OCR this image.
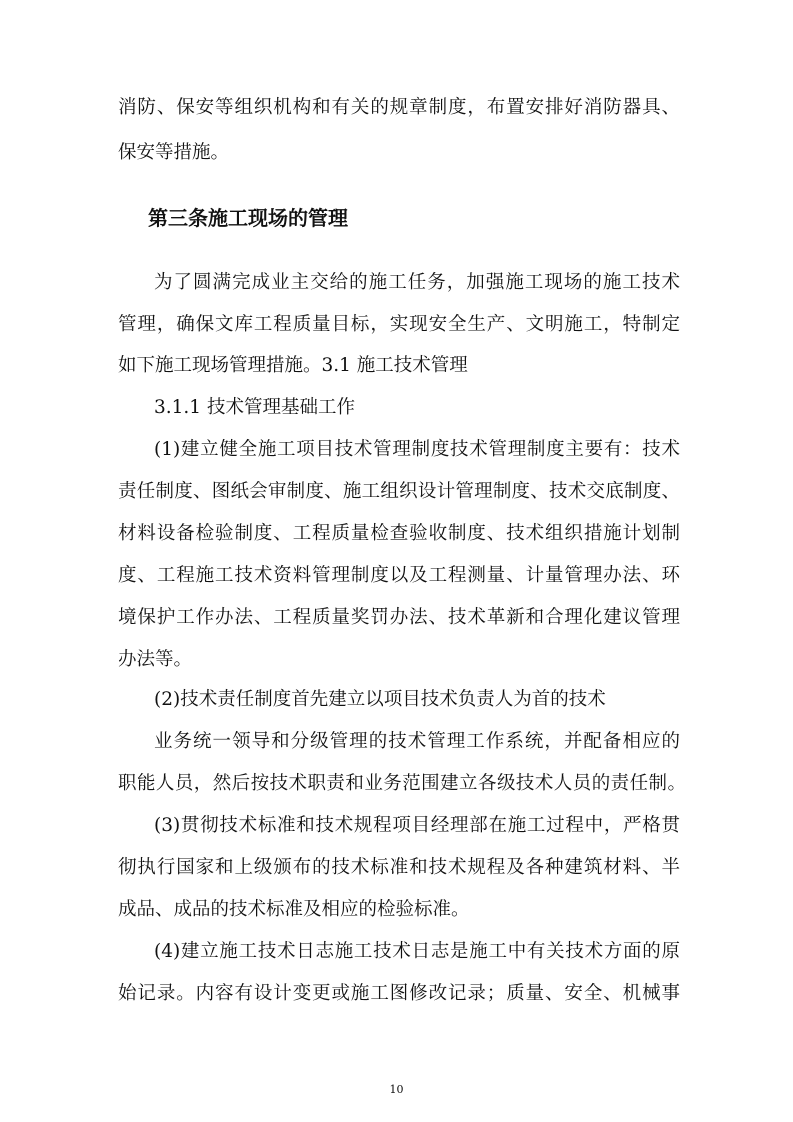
消防、保安等组织机构和有关的规章制度，布置安排好消防器具、
保安等措施。
第三条施工现场的管理
为了圆满完成业主交给的施工任务，加强施工现场的施工技术
管理，确保文库工程质量目标，实现安全生产、文明施工，特制定
如下施工现场管理措施。3.1 施工技术管理
3.1.1 技术管理基础工作
(1)建立健全施工项目技术管理制度技术管理制度主要有：技术
责任制度、图纸会审制度、施工组织设计管理制度、技术交底制度、
材料设备检验制度、工程质量检查验收制度、技术组织措施计划制
度、工程施工技术资料管理制度以及工程测量、计量管理办法、环
境保护工作办法、工程质量奖罚办法、技术革新和合理化建议管理
办法等。
(2)技术责任制度首先建立以项目技术负责人为首的技术
业务统一领导和分级管理的技术管理工作系统，并配备相应的
职能人员，然后按技术职责和业务范围建立各级技术人员的责任制。
(3)贯彻技术标准和技术规程项目经理部在施工过程中，严格贯
彻执行国家和上级颁布的技术标准和技术规程及各种建筑材料、半
成品、成品的技术标准及相应的检验标准。
(4)建立施工技术日志施工技术日志是施工中有关技术方面的原
始记录。内容有设计变更或施工图修改记录；质量、安全、机械事
10
